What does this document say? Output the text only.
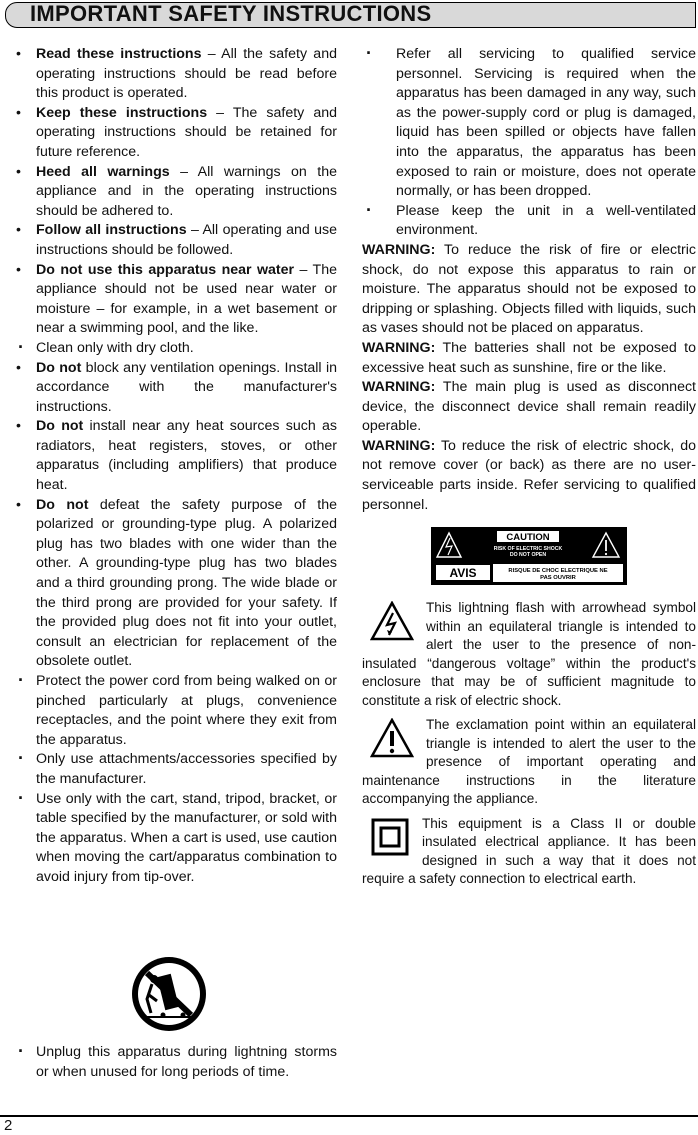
IMPORTANT SAFETY INSTRUCTIONS
• Read these instructions – All the safety and operating instructions should be read before this product is operated.
• Keep these instructions – The safety and operating instructions should be retained for future reference.
• Heed all warnings – All warnings on the appliance and in the operating instructions should be adhered to.
• Follow all instructions – All operating and use instructions should be followed.
• Do not use this apparatus near water – The appliance should not be used near water or moisture – for example, in a wet basement or near a swimming pool, and the like.
· Clean only with dry cloth.
• Do not block any ventilation openings. Install in accordance with the manufacturer's instructions.
• Do not install near any heat sources such as radiators, heat registers, stoves, or other apparatus (including amplifiers) that produce heat.
• Do not defeat the safety purpose of the polarized or grounding-type plug. A polarized plug has two blades with one wider than the other. A grounding-type plug has two blades and a third grounding prong. The wide blade or the third prong are provided for your safety. If the provided plug does not fit into your outlet, consult an electrician for replacement of the obsolete outlet.
· Protect the power cord from being walked on or pinched particularly at plugs, convenience receptacles, and the point where they exit from the apparatus.
· Only use attachments/accessories specified by the manufacturer.
· Use only with the cart, stand, tripod, bracket, or table specified by the manufacturer, or sold with the apparatus. When a cart is used, use caution when moving the cart/apparatus combination to avoid injury from tip-over.
· Unplug this apparatus during lightning storms or when unused for long periods of time.
· Refer all servicing to qualified service personnel. Servicing is required when the apparatus has been damaged in any way, such as the power-supply cord or plug is damaged, liquid has been spilled or objects have fallen into the apparatus, the apparatus has been exposed to rain or moisture, does not operate normally, or has been dropped.
· Please keep the unit in a well-ventilated environment.

WARNING: To reduce the risk of fire or electric shock, do not expose this apparatus to rain or moisture. The apparatus should not be exposed to dripping or splashing. Objects filled with liquids, such as vases should not be placed on apparatus.

WARNING: The batteries shall not be exposed to excessive heat such as sunshine, fire or the like.

WARNING: The main plug is used as disconnect device, the disconnect device shall remain readily operable.

WARNING: To reduce the risk of electric shock, do not remove cover (or back) as there are no user-serviceable parts inside. Refer servicing to qualified personnel.

CAUTION
RISK OF ELECTRIC SHOCK
DO NOT OPEN
AVIS	RISQUE DE CHOC ELECTRIQUE NE
PAS OUVRIR
This lightning flash with arrowhead symbol within an equilateral triangle is intended to alert the user to the presence of non-insulated “dangerous voltage” within the product's enclosure that may be of sufficient magnitude to constitute a risk of electric shock.
The exclamation point within an equilateral triangle is intended to alert the user to the presence of important operating and maintenance instructions in the literature accompanying the appliance.
This equipment is a Class II or double insulated electrical appliance. It has been designed in such a way that it does not require a safety connection to electrical earth.
2
